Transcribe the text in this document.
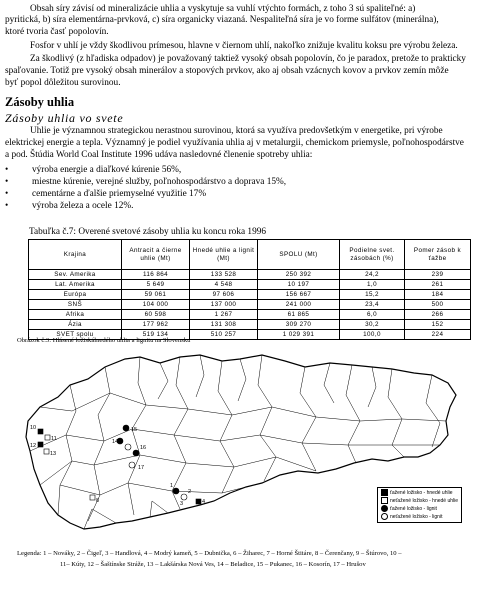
Obsah síry závisí od mineralizácie uhlia a vyskytuje sa vuhlí vtýchto formách, z toho 3 sú spaliteľné: a)
pyritická, b) síra elementárna-prvková, c) síra organicky viazaná. Nespaliteľná síra je vo forme sulfátov (minerálna),
ktoré tvoria časť popolovín.
Fosfor v uhlí je vždy škodlivou prímesou, hlavne v čiernom uhlí, nakoľko znižuje kvalitu koksu pre výrobu železa.
Za škodlivý (z hľadiska odpadov) je považovaný taktiež vysoký obsah popolovín, čo je paradox, pretože to prakticky
spaľovanie. Totiž pre vysoký obsah minerálov a stopových prvkov, ako aj obsah vzácnych kovov a prvkov zemín môže
byť popol dôležitou surovinou.
Zásoby uhlia
Zásoby uhlia vo svete
Uhlie je významnou strategickou nerastnou surovinou, ktorá sa využíva predovšetkým v energetike, pri výrobe
elektrickej energie a tepla. Významný je podiel využívania uhlia aj v metalurgii, chemickom priemysle, poľnohospodárstve
a pod. Štúdia World Coal Institute 1996 udáva nasledovné členenie spotreby uhlia:
•	výroba energie a diaľkové kúrenie 56%,
•	miestne kúrenie, verejné služby, poľnohospodárstvo a doprava 15%,
•	cementárne a ďalšie priemyselné využitie 17%
•	výroba železa a ocele 12%.
Tabuľka č.7: Overené svetové zásoby uhlia ku koncu roka 1996
Krajina	Antracit a čierne uhlie (Mt)	Hnedé uhlie a lignit (Mt)	SPOLU (Mt)	Podielne svet. zásobách (%)	Pomer zásob k ťažbe
Sev. Amerika	116 864	133 528	250 392	24,2	239
Lat. Amerika	5 649	4 548	10 197	1,0	261
Európa	59 061	97 606	156 667	15,2	184
SNŠ	104 000	137 000	241 000	23,4	500
Afrika	60 598	1 267	61 865	6,0	266
Ázia	177 962	131 308	309 270	30,2	152
SVET spolu	519 134	510 257	1 029 391	100,0	224
Obrázok č.3: Hlásené ložiskálnedého uhlia a lignitu na Slovensku
10
11
12
13
8
14
15
16
17
1
2
3	4
ťažené ložisko - hnedé uhlie
neťažené ložisko - hnedé uhlie
ťažené ložisko - lignit
neťažené ložisko - lignit
Legenda: 1 – Nováky, 2 – Čigeľ, 3 – Handlová, 4 – Modrý kameň, 5 – Dubnička, 6 – Žiharec, 7 – Horné Štitáre, 8 – Čerenčany, 9 – Štúrovo, 10 –
11– Kúty, 12 – Šaštínske Stráže, 13 – Lakšárska Nová Ves, 14 – Beladice, 15 – Pukanec, 16 – Kosorín, 17 – Hrušov
